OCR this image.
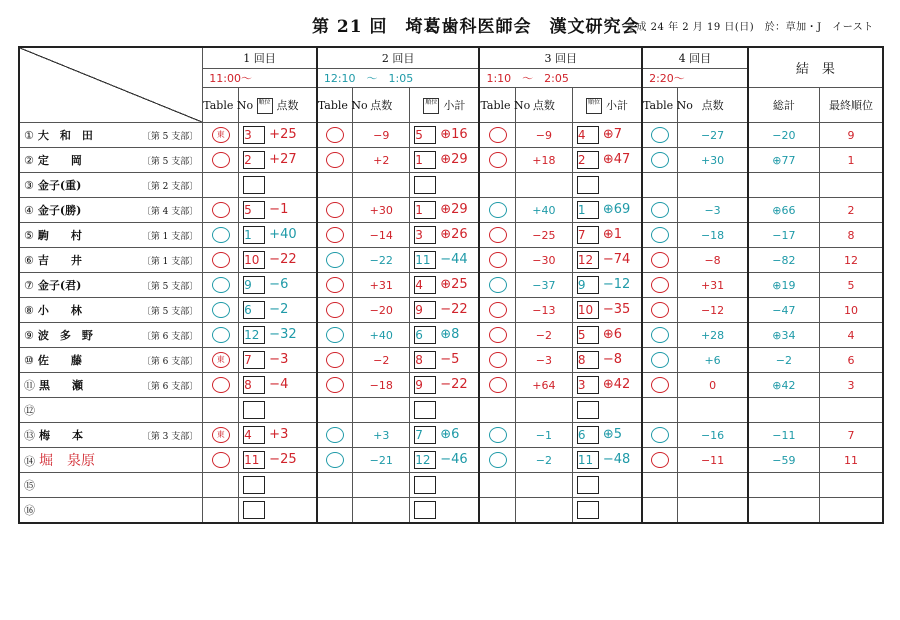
第 21 回　埼葛歯科医師会　漢文研究会
平成 24 年 2 月 19 日(日)　於：草加・J　イースト
	1 回目		2 回目			3 回目			4 回目		結　果	
	11:00〜		12:10　〜　1:05			1:10　〜　2:05			2:20〜			
	Table No	順位 点数	Table No	点数	順位 小計	Table No	点数	順位 小計	Table No	点数	総計	最終順位
① 大　和　田 〔第 5 支部〕	東	3 +25		−9	5 ⊕16		−9	4 ⊕7		−27	−20	9
② 定　　岡 〔第 5 支部〕		2 +27		+2	1 ⊕29		+18	2 ⊕47		+30	⊕77	1
③ 金子(重) 〔第 2 支部〕												

④ 金子(勝) 〔第 4 支部〕		5 −1		+30	1 ⊕29		+40	1 ⊕69		−3	⊕66	2
⑤ 駒　　村 〔第 1 支部〕		1 +40		−14	3 ⊕26		−25	7 ⊕1		−18	−17	8
⑥ 吉　　井 〔第 1 支部〕		10 −22		−22	11 −44		−30	12 −74		−8	−82	12
⑦ 金子(君) 〔第 5 支部〕		9 −6		+31	4 ⊕25		−37	9 −12		+31	⊕19	5
⑧ 小　　林 〔第 5 支部〕		6 −2		−20	9 −22		−13	10 −35		−12	−47	10
⑨ 波　多　野 〔第 6 支部〕		12 −32		+40	6 ⊕8		−2	5 ⊕6		+28	⊕34	4
⑩ 佐　　藤 〔第 6 支部〕	東	7 −3		−2	8 −5		−3	8 −8		+6	−2	6
⑪ 黒　　瀬 〔第 6 支部〕		8 −4		−18	9 −22		+64	3 ⊕42		0	⊕42	3
⑫

⑬ 梅　　本 〔第 3 支部〕	東	4 +3		+3	7 ⊕6		−1	6 ⊕5		−16	−11	7
⑭ 堀　泉原		11 −25		−21	12 −46		−2	11 −48		−11	−59	11
⑮

⑯
